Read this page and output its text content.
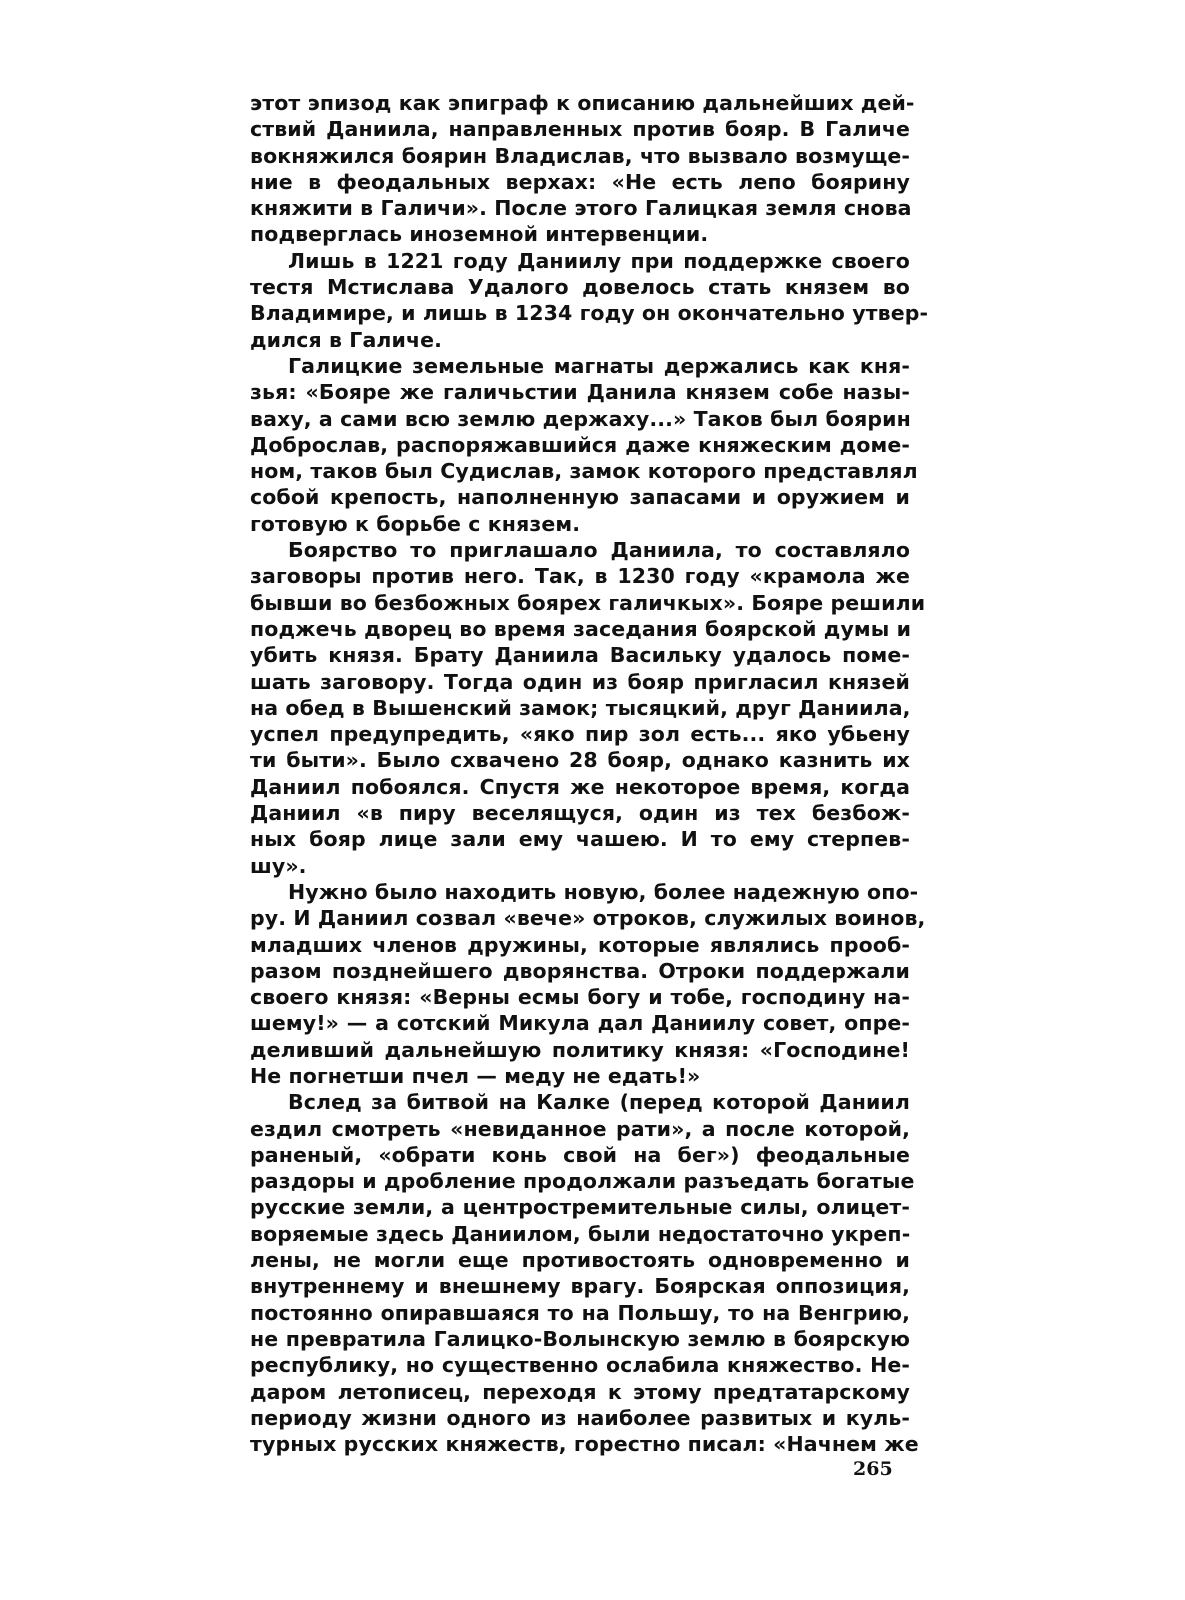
этот эпизод как эпиграф к описанию дальнейших дей-
ствий Даниила, направленных против бояр. В Галиче
вокняжился боярин Владислав, что вызвало возмуще-
ние в феодальных верхах: «Не есть лепо боярину
княжити в Галичи». После этого Галицкая земля снова
подверглась иноземной интервенции.
Лишь в 1221 году Даниилу при поддержке своего
тестя Мстислава Удалого довелось стать князем во
Владимире, и лишь в 1234 году он окончательно утвер-
дился в Галиче.
Галицкие земельные магнаты держались как кня-
зья: «Бояре же галичьстии Данила князем собе назы-
ваху, а сами всю землю держаху...» Таков был боярин
Доброслав, распоряжавшийся даже княжеским доме-
ном, таков был Судислав, замок которого представлял
собой крепость, наполненную запасами и оружием и
готовую к борьбе с князем.
Боярство то приглашало Даниила, то составляло
заговоры против него. Так, в 1230 году «крамола же
бывши во безбожных боярех галичкых». Бояре решили
поджечь дворец во время заседания боярской думы и
убить князя. Брату Даниила Васильку удалось поме-
шать заговору. Тогда один из бояр пригласил князей
на обед в Вышенский замок; тысяцкий, друг Даниила,
успел предупредить, «яко пир зол есть... яко убьену
ти быти». Было схвачено 28 бояр, однако казнить их
Даниил побоялся. Спустя же некоторое время, когда
Даниил «в пиру веселящуся, один из тех безбож-
ных бояр лице зали ему чашею. И то ему стерпев-
шу».
Нужно было находить новую, более надежную опо-
ру. И Даниил созвал «вече» отроков, служилых воинов,
младших членов дружины, которые являлись прооб-
разом позднейшего дворянства. Отроки поддержали
своего князя: «Верны есмы богу и тобе, господину на-
шему!» — а сотский Микула дал Даниилу совет, опре-
деливший дальнейшую политику князя: «Господине!
Не погнетши пчел — меду не едать!»
Вслед за битвой на Калке (перед которой Даниил
ездил смотреть «невиданное рати», а после которой,
раненый, «обрати конь свой на бег») феодальные
раздоры и дробление продолжали разъедать богатые
русские земли, а центростремительные силы, олицет-
воряемые здесь Даниилом, были недостаточно укреп-
лены, не могли еще противостоять одновременно и
внутреннему и внешнему врагу. Боярская оппозиция,
постоянно опиравшаяся то на Польшу, то на Венгрию,
не превратила Галицко-Волынскую землю в боярскую
республику, но существенно ослабила княжество. Не-
даром летописец, переходя к этому предтатарскому
периоду жизни одного из наиболее развитых и куль-
турных русских княжеств, горестно писал: «Начнем же
265
